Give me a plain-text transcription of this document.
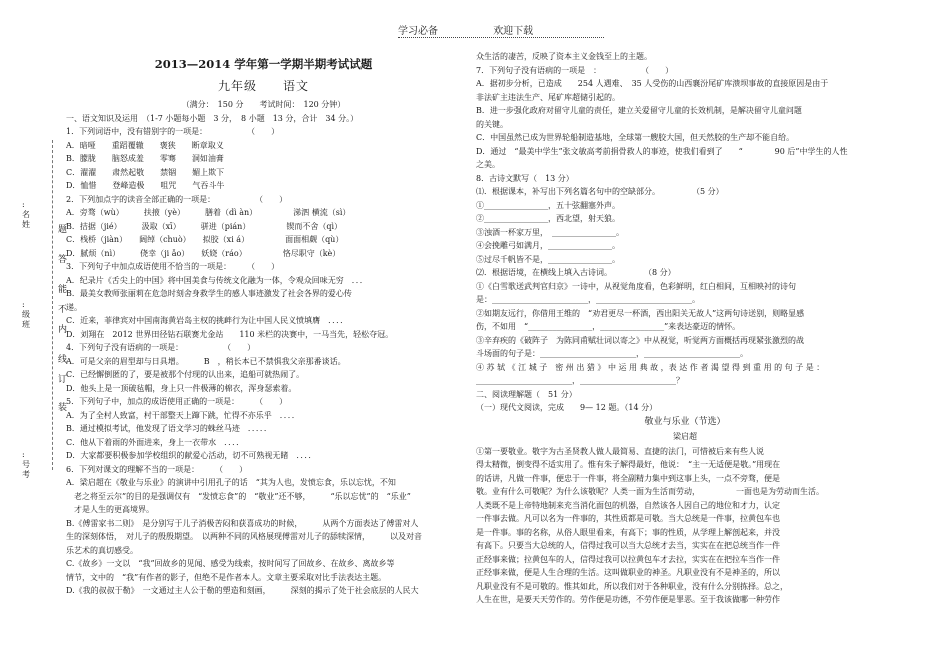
学习必备	欢迎下载
: 名 姓
: 级 班
: 号 考
题
答
能
不
内
线
订
装
2013—2014 学年第一学期半期考试试题
九年级　　语文
（满分：　150 分　　考试时间：　120 分钟）
一、语文知识及运用　（1-7 小题每小题　3 分，　8 小题　13 分，合计　34 分。）
1．下列词语中，没有错别字的一项是：　　　　　　（　　）
A．暗哑　　重蹈覆辙　　褒狭　　断章取义
B．朦胧　　脑怒成羞　　零骞　　洞如油膏
C．濯濯　　肃然起敬　　禁锢　　媚上欺下
D．恤惜　　登峰造极　　咀咒　　气吞斗牛
2．下列加点字的读音全部正确的一项是：　　　　　　（　　）
A．旁骛（wù）　　　扶掖（yè）　　　膳着（dì àn）　　　　　涕泗 横流（sì）
B．拮据（jié）　　　汲取（xī）　　　骈进（pián）　　　　　锲而不舍（qì）
C．栈桥（jiàn）　　阔绰（chuò）　　拟胶（xi á）　　　　　面面相觑（qù）
D．腻烦（nì）　　　侥幸（ji ǎo）　　妖娆（ráo）　　　　　恪尽职守（kè）
3．下列句子中加点成语使用不恰当的一项是：　　　（　　）
A．纪录片《舌尖上的中国》将中国美食与传统文化融为一体，令观众回味无穷　．．．
B．最美女教师张丽莉在危急时刻舍身救学生的感人事迹激发了社会各界的爱心传
递。
C．近来，菲律宾对中国南海黄岩岛主权的挑衅行为让中国人民义愤填膺　．．．．
D．刘翔在　2012 世界田径钻石联赛尤金站　　110 米栏的决赛中，一马当先，轻松夺冠。
4．下列句子没有语病的一项是：　　　　　　（　　）
A．可是父亲的眉型却与日具增。　　　B　，稍长本已不禁惧我父亲那番谈话。
C．已经懈倒匿的了，要是被那个付现的认出来，追船可就热闹了。
D．他头上是一顶破毡帽，身上只一件极薄的棉衣，浑身瑟索着。
5．下列句子中，加点的成语使用正确的一项是：　　　（　　）
A．为了全村人致富，村干部整天上蹿下跳，忙得不亦乐乎　．．．．
B．通过模拟考试，他发现了语文学习的蛛丝马迹　．．．．．
C．他从下着雨的外面进来，身上一衣带水　．．．．
D．大家都要积极参加学校组织的献爱心活动，切不可熟视无睹　．．．．
6．下列对课文的理解不当的一项是：　　　（　　）
A．梁启超在《敬业与乐业》的演讲中引用孔子的话　“其为人也，发愤忘食，乐以忘忧，不知
　老之将至云尔”的目的是强调仅有　“发愤忘食”的　“敬业”还不够，　　　“乐以忘忧”的　“乐业”
　才是人生的更高境界。
B.《傅雷家书二则》　是分别写于儿子消极苦闷和获喜成功的时候，　　　从两个方面表达了傅雷对人
生的深刻体悟，　对儿子的殷殷期望。　以两种不同的风格展现傅雷对儿子的舔犊深情，　　　以及对音
乐艺术的真切感受。
C.《故乡》一文以　“我”回故乡的见闻、感受为线索，按时间写了回故乡、在故乡、离故乡等
情节，文中的　“我”有作者的影子，但绝不是作者本人。文章主要采取对比手法表达主题。
D.《我的叔叔于勒》　一文通过主人公于勒的塑造和刻画，　　　深刻的揭示了处于社会底层的人民大
众生活的凄苦，反映了资本主义金钱至上的主题。
7．下列句子没有语病的一项是　：　　　　　　（　　）
A．据初步分析，已造成　　254 人遇难、　35 人受伤的山西襄汾尾矿库溃坝事故的直接原因是由于
非法矿主违法生产、尾矿库超储引起的。
B．进一步强化政府对留守儿童的责任，建立关爱留守儿童的长效机制，是解决留守儿童问题
的关键。
C．中国虽然已成为世界轮船制造基地，全球第一艘胶大国，但天然胶的生产却不能自给。
D．通过　“最美中学生”张文敏高考前捐骨救人的事迹，使我们看到了　　“　　　　90 后”中学生的人性
之美。
8．古诗文默写（　13 分）
⑴．根据课本，补写出下列名篇名句中的空缺部分。　　　　　（5 分）
①________________，五十弦翻塞外声。
②________________，西北望，射天狼。
③浊酒一杯家万里，　________________。
④会挽雕弓如满月，________________。
⑤过尽千帆皆不是，________________。
⑵．根据语境，在横线上填入古诗词。　　　　　（8 分）
①《白雪歌送武判官归京》一诗中，从视觉角度看，色彩鲜明，红白相间，互相映衬的诗句
是：________________________，________________________。
②如期友远行，你借用王维的　“劝君更尽一杯酒，西出阳关无故人”这两句诗送别，则略显感
伤，不如用　“________________，________________”来表达豪迈的情怀。
③辛弃疾的《破阵子　为陈同甫赋壮词以寄之》中从视觉，听觉两方面概括再现紧张激烈的战
斗场面的句子是：________________________，________________________。
④ 苏 轼 《 江 城 子　密 州 出 猎 》 中 运 用 典 故 ，表 达 作 者 渴 望 得 到 重 用 的 句 子 是 ：
________________________，________________________？
二、阅读理解题（　51 分）
（一）现代文阅读，完成　　9— 12 题。（14 分）
敬业与乐业（节选）
梁启超
①第一要敬业。敬字为古圣贤教人做人最简易、直捷的法门，可惜被后来有些人说
得太精微，倒变得不适实用了。惟有朱子解得最好，他说：　“主一无适便是敬。”用现在
的话讲，凡做一件事，便忠于一件事，将全副精力集中到这事上头，一点不旁骛，便是
敬。业有什么可敬呢？为什么该敬呢？人类一面为生活而劳动，　　　　　一面也是为劳动而生活。
人类既不是上帝特地制来充当消化面包的机器，自然该各人因自己的地位和才力，认定
一件事去做。凡可以名为一件事的，其性质都是可敬。当大总统是一件事，拉黄包车也
是一件事。事的名称，从俗人眼里看来，有高下；事的性质，从学理上解剖起来，并没
有高下。只要当大总统的人，信得过我可以当大总统才去当，实实在在把总统当作一件
正经事来做；拉黄包车的人，信得过我可以拉黄包车才去拉，实实在在把拉车当作一件
正经事来做，便是人生合理的生活。这叫做职业的神圣。凡职业没有不是神圣的，所以
凡职业没有不是可敬的。惟其如此，所以我们对于各种职业，没有什么分别拣择。总之，
人生在世，是要天天劳作的。劳作便是功德，不劳作便是罪恶。至于我该做哪一种劳作
